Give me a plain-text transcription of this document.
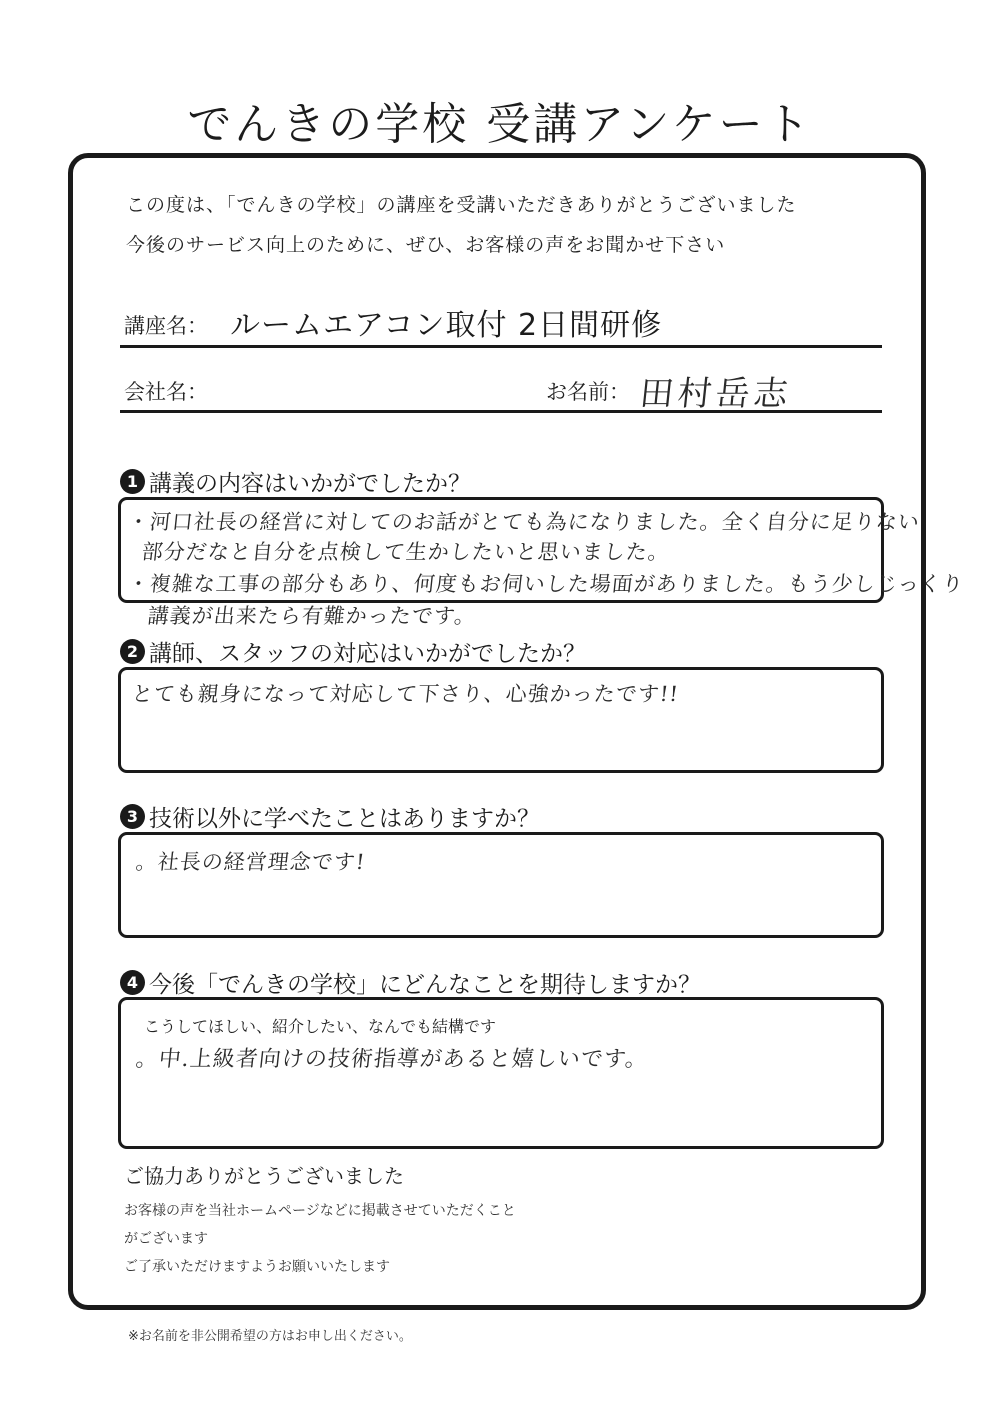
でんきの学校 受講アンケート
この度は、「でんきの学校」の講座を受講いただきありがとうございました
今後のサービス向上のために、ぜひ、お客様の声をお聞かせ下さい
講座名： ルームエアコン取付 2日間研修
会社名：	お名前： 田村岳志
1 講義の内容はいかがでしたか？
・河口社長の経営に対してのお話がとても為になりました。全く自分に足りない
部分だなと自分を点検して生かしたいと思いました。
・複雑な工事の部分もあり、何度もお伺いした場面がありました。もう少しじっくり
講義が出来たら有難かったです。
2 講師、スタッフの対応はいかがでしたか？
とても親身になって対応して下さり、心強かったです!!
3 技術以外に学べたことはありますか？
。社長の経営理念です!
4 今後「でんきの学校」にどんなことを期待しますか？
こうしてほしい、紹介したい、なんでも結構です
。中.上級者向けの技術指導があると嬉しいです。
ご協力ありがとうございました
お客様の声を当社ホームページなどに掲載させていただくこと
がございます
ご了承いただけますようお願いいたします
※お名前を非公開希望の方はお申し出ください。
